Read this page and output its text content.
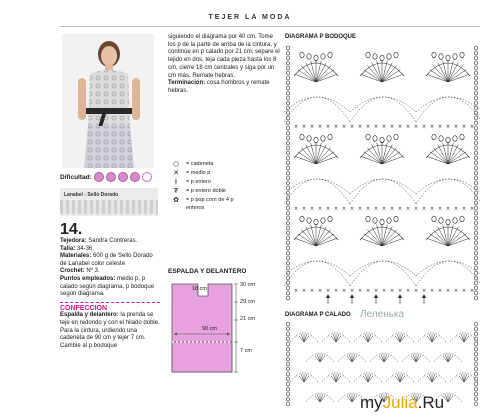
TEJER LA MODA
Dificultad:
Lanabel - Sello Dorado
14.
Tejedora: Sandra Contreras.
Talla: 34-36.
Materiales: 600 g de Sello Dorado de Lanabel color celeste
Crochet: Nº 3.
Puntos empleados: medio p, p calado según diagrama, p bodoque según diagrama.
CONFECCIÓN
Espalda y delantero: la prenda se teje en redondo y con el hilado doble. Para la cintura, urdiendo una cadeneta de 90 cm y tejer 7 cm. Cambie al p bodoque
siguiendo el diagrama por 40 cm. Tome los p de la parte de arriba de la cintura, y continúe en p calado por 21 cm; separe el tejido en dos, teja cada pieza hasta los 8 cm, cierre 18 cm centrales y siga por un cm más. Remate hebras.
Terminación: cosa hombros y remate hebras.
○	= cadeneta
✕	= medio p
ƚ	= p entero
₮	= p entero doble
✿	= p pop corn de 4 p enteros
ESPALDA Y DELANTERO
18 cm
30 cm
29 cm
21 cm
90 cm
7 cm
DIAGRAMA P BODOQUE
× × × × × × × × × × × × × × × × × × × × × × ×
× × × × × × × × × × × × × × × × × × × × × × ×
× × × × × × × × × × × × × × × × × × × × × × ×
DIAGRAMA P CALADO Леленька
myJulia.Ru
